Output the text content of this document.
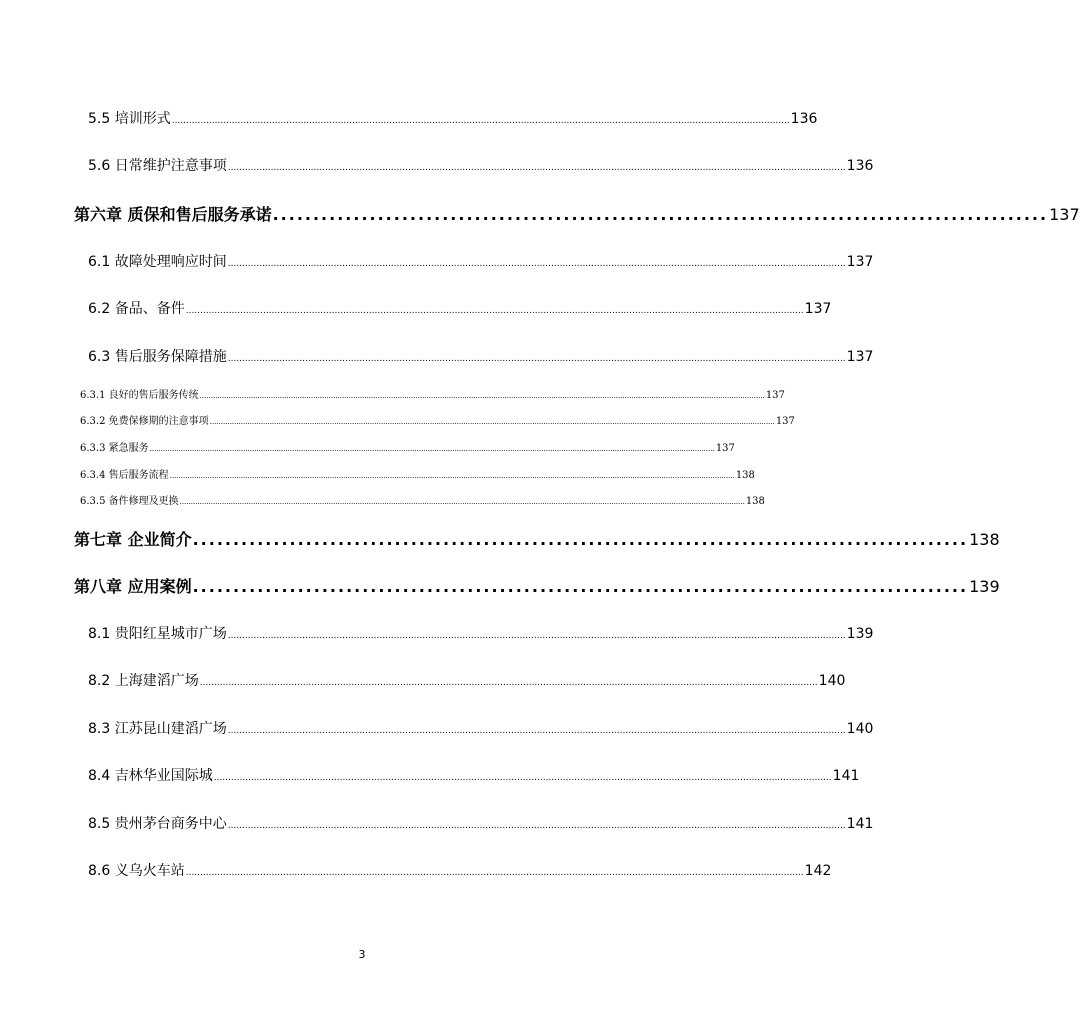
5.5 培训形式 ........................................................................................................................................................................................................................ 136
5.6 日常维护注意事项 ........................................................................................................................................................................................................................ 136
第六章 质保和售后服务承诺 ................................................................................................ 137
6.1 故障处理响应时间 ........................................................................................................................................................................................................................ 137
6.2 备品、备件 ........................................................................................................................................................................................................................ 137
6.3 售后服务保障措施 ........................................................................................................................................................................................................................ 137
6.3.1 良好的售后服务传统 .............................................................................................................................................................................................................................................................. 137
6.3.2 免费保修期的注意事项 .............................................................................................................................................................................................................................................................. 137
6.3.3 紧急服务 .............................................................................................................................................................................................................................................................. 137
6.3.4 售后服务流程 .............................................................................................................................................................................................................................................................. 138
6.3.5 备件修理及更换 .............................................................................................................................................................................................................................................................. 138
第七章 企业简介 ................................................................................................ 138
第八章 应用案例 ................................................................................................ 139
8.1 贵阳红星城市广场 ........................................................................................................................................................................................................................ 139
8.2 上海建滔广场 ........................................................................................................................................................................................................................ 140
8.3 江苏昆山建滔广场 ........................................................................................................................................................................................................................ 140
8.4 吉林华业国际城 ........................................................................................................................................................................................................................ 141
8.5 贵州茅台商务中心 ........................................................................................................................................................................................................................ 141
8.6 义乌火车站 ........................................................................................................................................................................................................................ 142
3
